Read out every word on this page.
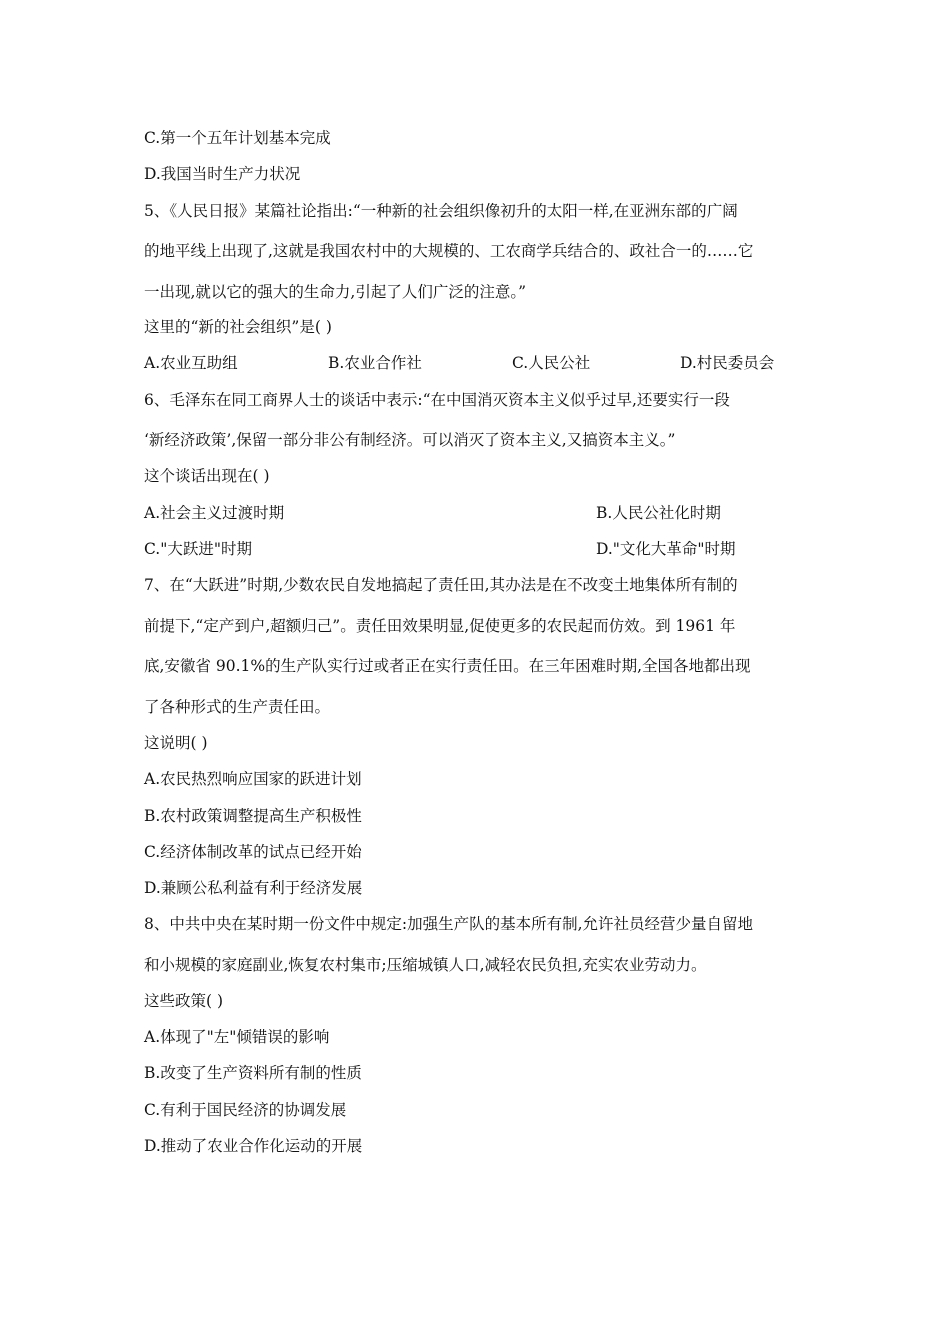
C.第一个五年计划基本完成
D.我国当时生产力状况
5、《人民日报》某篇社论指出:“一种新的社会组织像初升的太阳一样,在亚洲东部的广阔
的地平线上出现了,这就是我国农村中的大规模的、工农商学兵结合的、政社合一的……它
一出现,就以它的强大的生命力,引起了人们广泛的注意。”
这里的“新的社会组织”是( )
A.农业互助组	B.农业合作社	C.人民公社	D.村民委员会
6、毛泽东在同工商界人士的谈话中表示:“在中国消灭资本主义似乎过早,还要实行一段
‘新经济政策’,保留一部分非公有制经济。可以消灭了资本主义,又搞资本主义。”
这个谈话出现在( )
A.社会主义过渡时期	B.人民公社化时期
C."大跃进"时期	D."文化大革命"时期
7、在“大跃进”时期,少数农民自发地搞起了责任田,其办法是在不改变土地集体所有制的
前提下,“定产到户,超额归己”。责任田效果明显,促使更多的农民起而仿效。到 1961 年
底,安徽省 90.1%的生产队实行过或者正在实行责任田。在三年困难时期,全国各地都出现
了各种形式的生产责任田。
这说明( )
A.农民热烈响应国家的跃进计划
B.农村政策调整提高生产积极性
C.经济体制改革的试点已经开始
D.兼顾公私利益有利于经济发展
8、中共中央在某时期一份文件中规定:加强生产队的基本所有制,允许社员经营少量自留地
和小规模的家庭副业,恢复农村集市;压缩城镇人口,减轻农民负担,充实农业劳动力。
这些政策( )
A.体现了"左"倾错误的影响
B.改变了生产资料所有制的性质
C.有利于国民经济的协调发展
D.推动了农业合作化运动的开展
